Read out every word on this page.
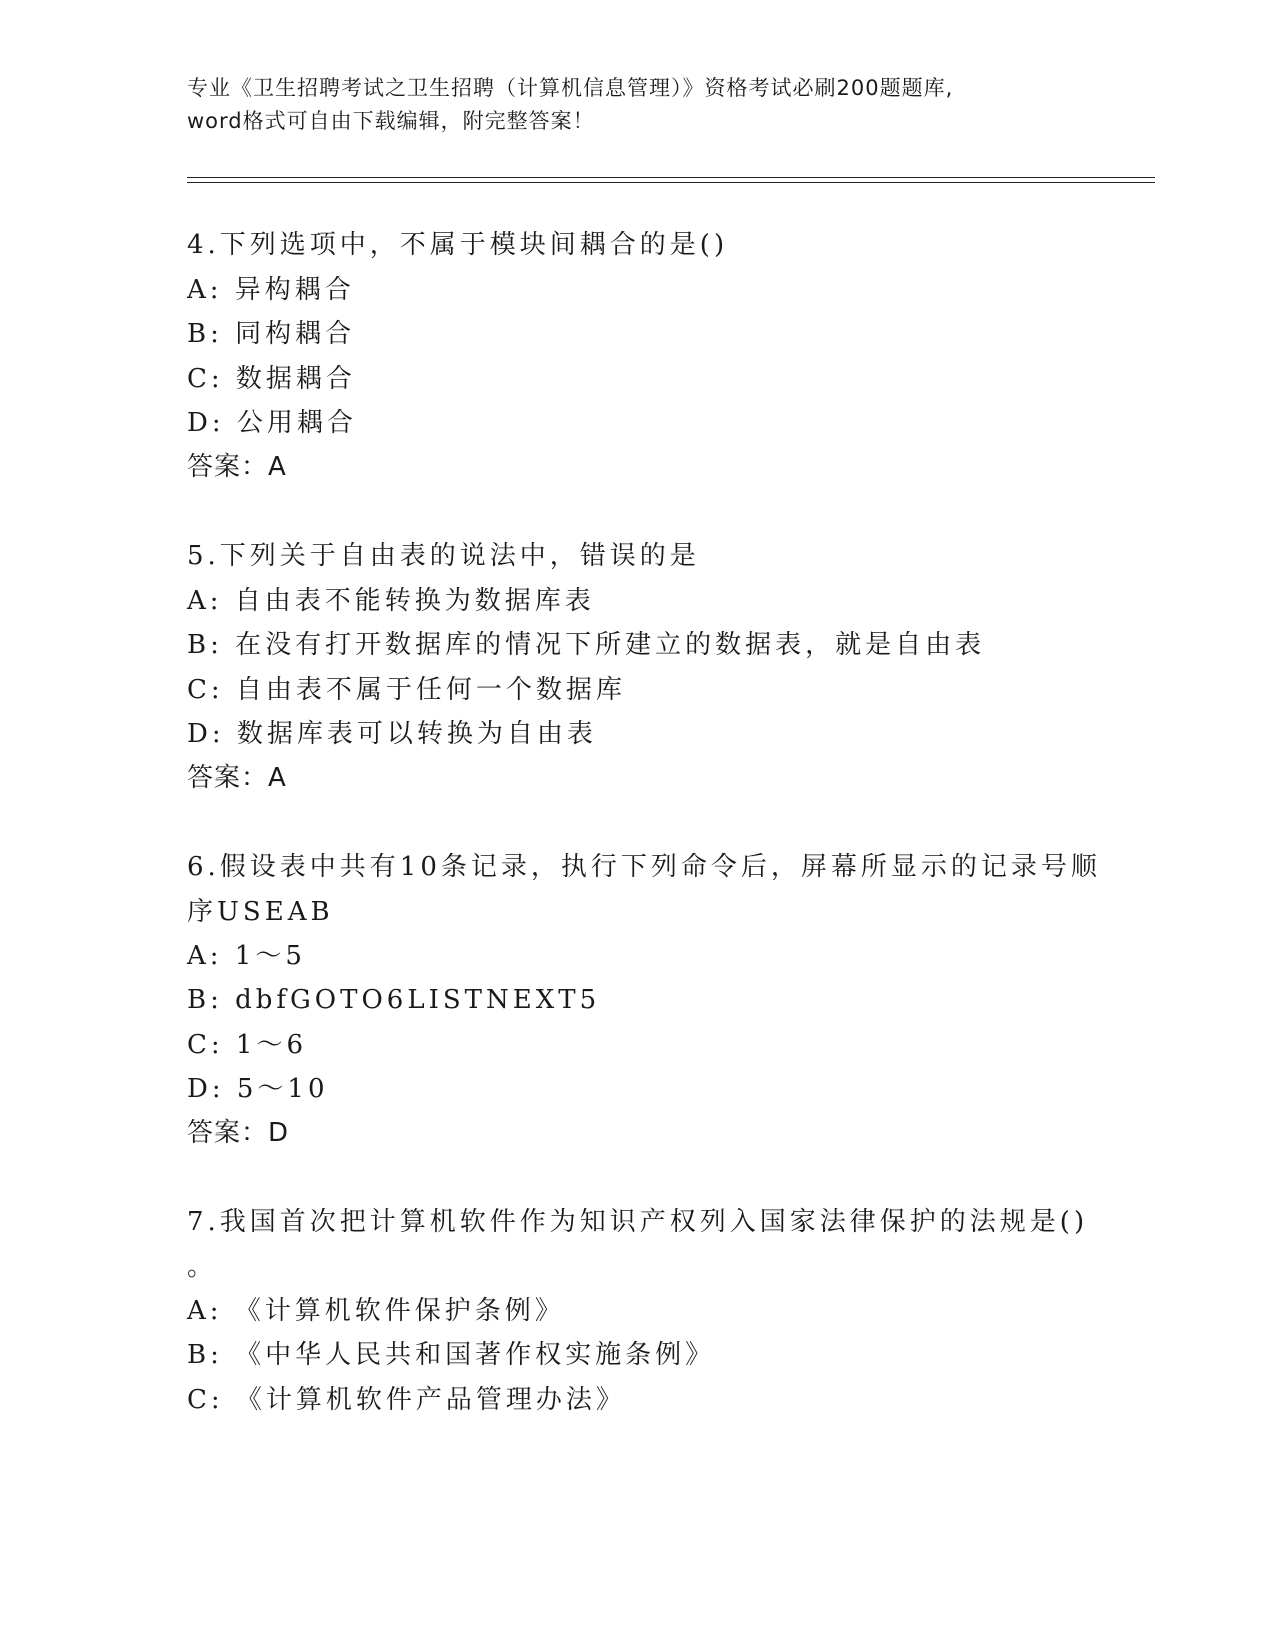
专业《卫生招聘考试之卫生招聘（计算机信息管理）》资格考试必刷200题题库,
word格式可自由下载编辑，附完整答案！
4.下列选项中，不属于模块间耦合的是()
A: 异构耦合
B: 同构耦合
C: 数据耦合
D: 公用耦合
答案：A
5.下列关于自由表的说法中，错误的是
A: 自由表不能转换为数据库表
B: 在没有打开数据库的情况下所建立的数据表，就是自由表
C: 自由表不属于任何一个数据库
D: 数据库表可以转换为自由表
答案：A
6.假设表中共有10条记录，执行下列命令后，屏幕所显示的记录号顺
序USEAB
A: 1～5
B: dbfGOTO6LISTNEXT5
C: 1～6
D: 5～10
答案：D
7.我国首次把计算机软件作为知识产权列入国家法律保护的法规是()
。
A: 《计算机软件保护条例》
B: 《中华人民共和国著作权实施条例》
C: 《计算机软件产品管理办法》
